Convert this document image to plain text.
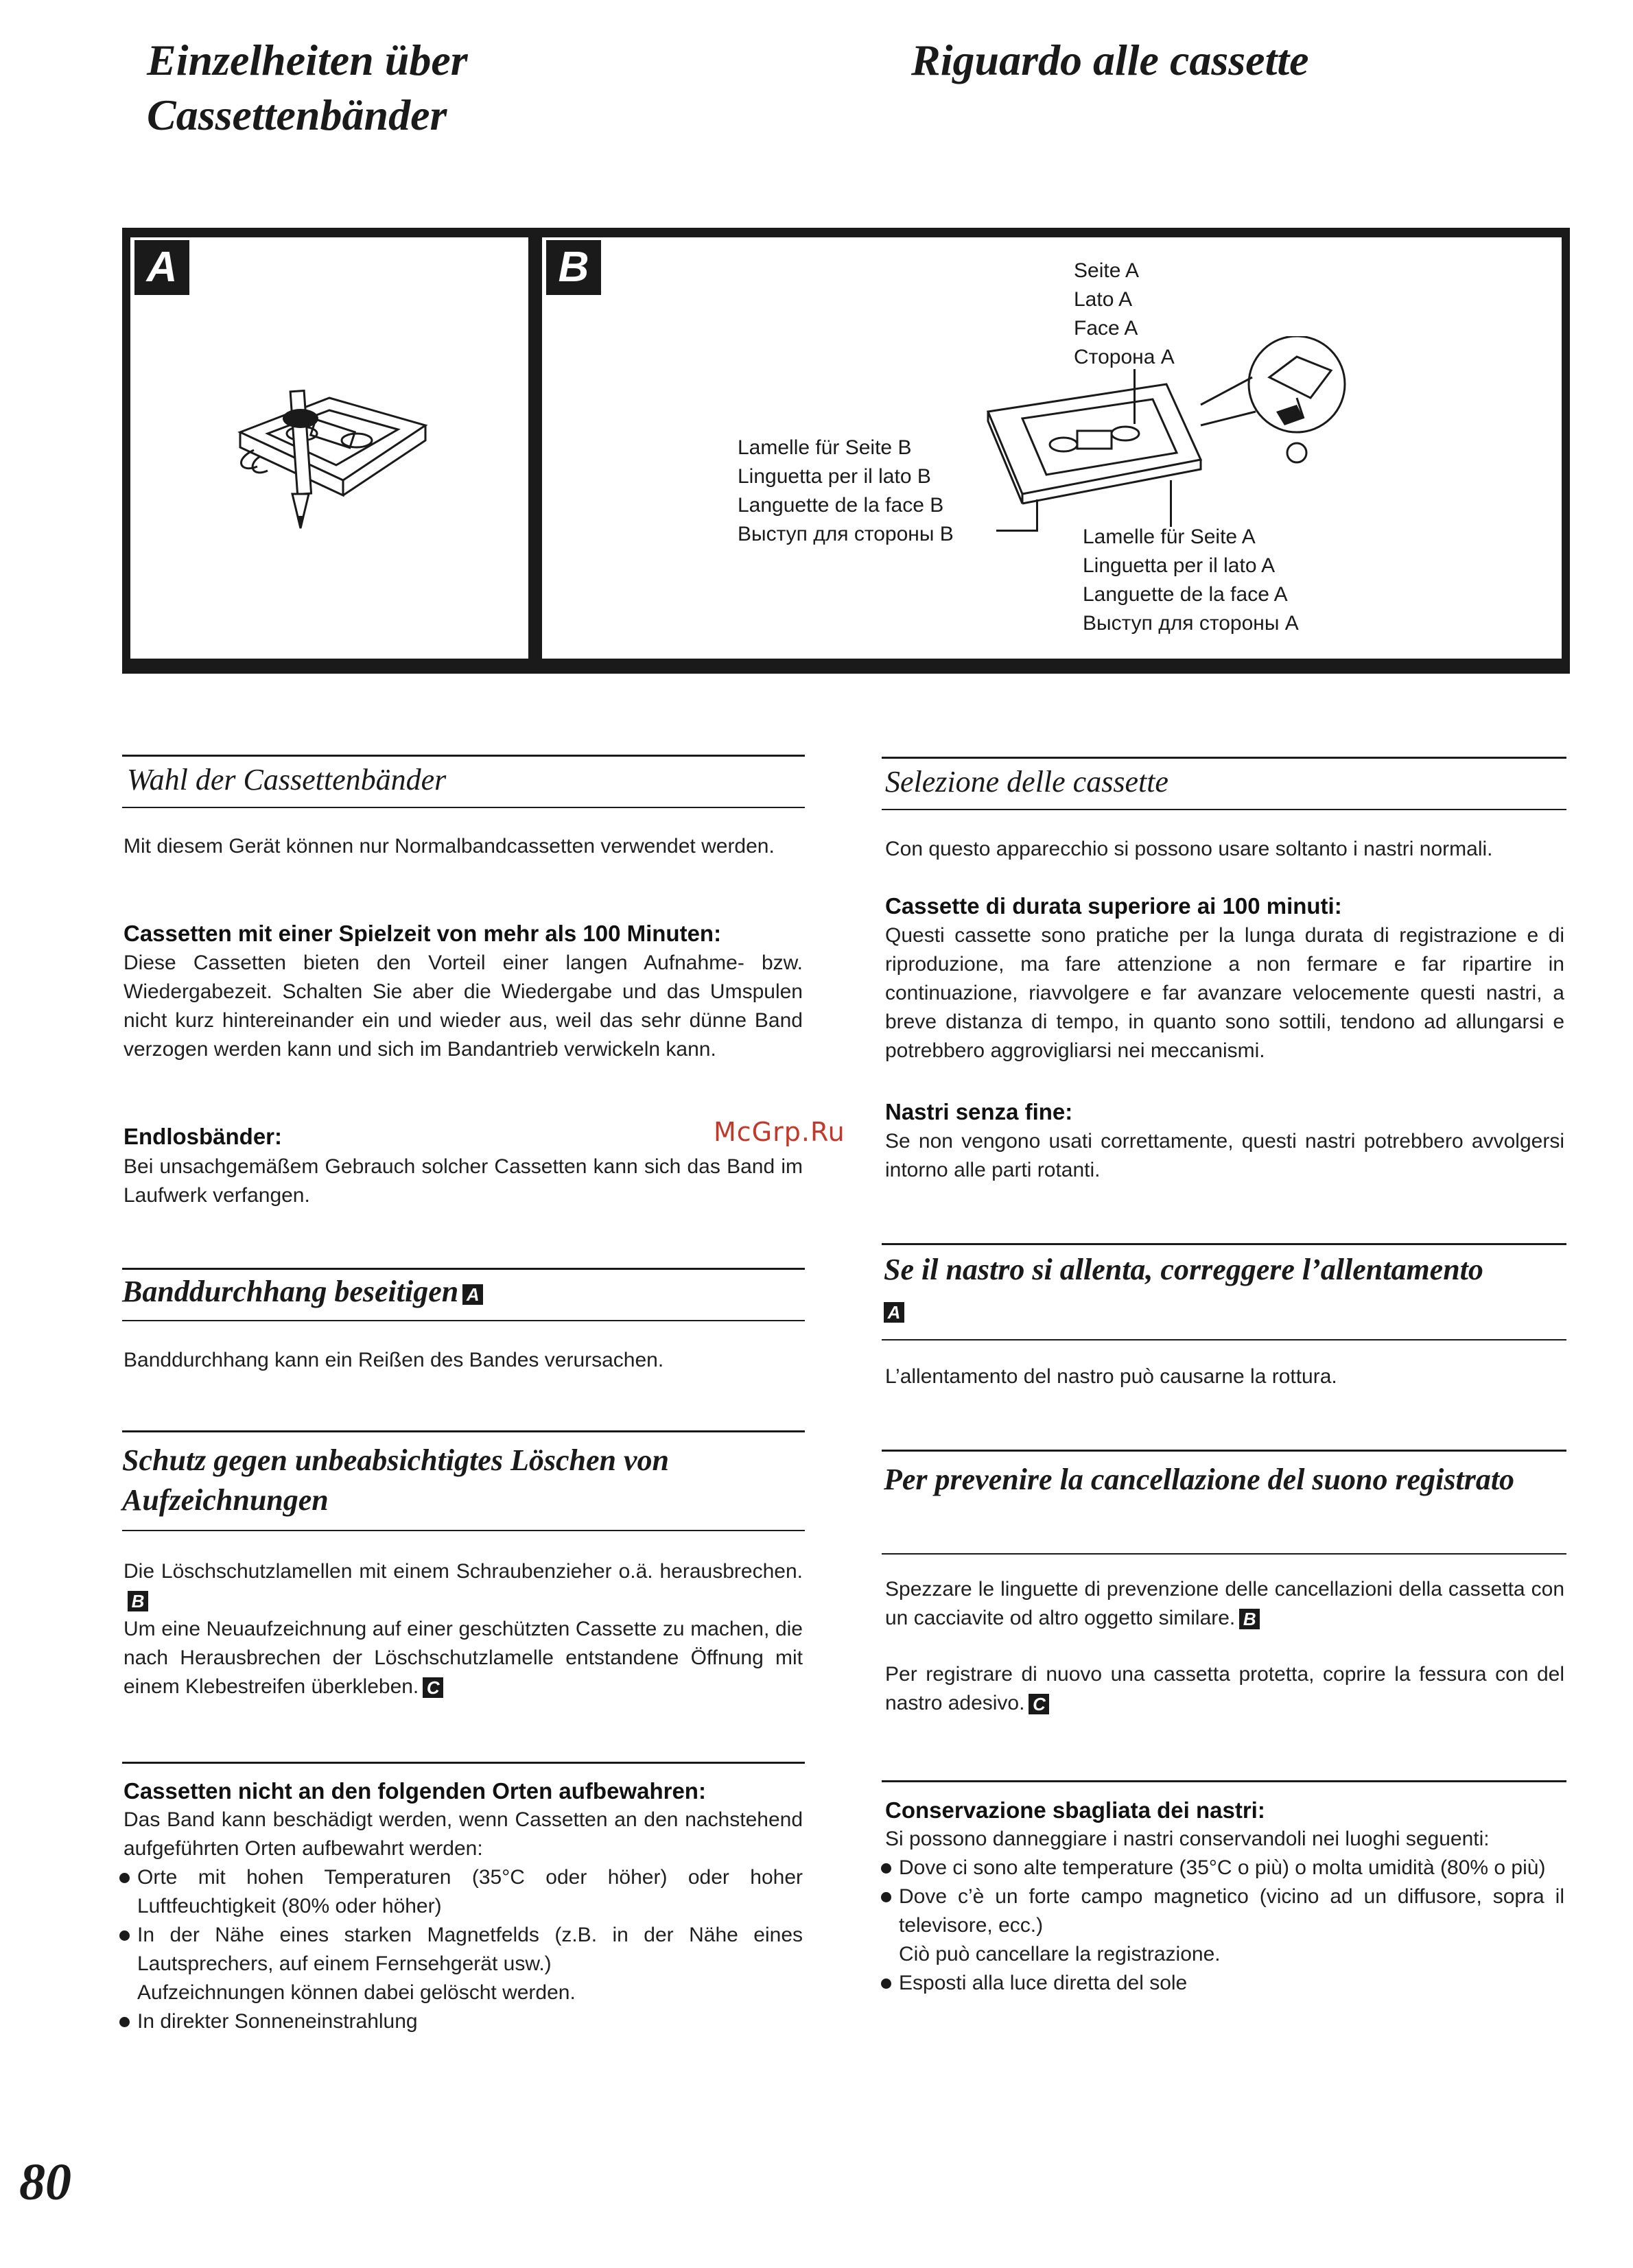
Einzelheiten über
Cassettenbänder
Riguardo alle cassette
A	B	Seite A
Lato A
Face A
Сторона A
Lamelle für Seite B
Linguetta per il lato B
Languette de la face B
Выступ для стороны B	Lamelle für Seite A
Linguetta per il lato A
Languette de la face A
Выступ для стороны A
Wahl der Cassettenbänder
Mit diesem Gerät können nur Normalbandcassetten verwendet werden.
Cassetten mit einer Spielzeit von mehr als 100 Minuten:
Diese Cassetten bieten den Vorteil einer langen Aufnahme- bzw. Wiedergabezeit. Schalten Sie aber die Wiedergabe und das Umspulen nicht kurz hintereinander ein und wieder aus, weil das sehr dünne Band verzogen werden kann und sich im Bandantrieb verwickeln kann.
Endlosbänder:
Bei unsachgemäßem Gebrauch solcher Cassetten kann sich das Band im Laufwerk verfangen.
Banddurchhang beseitigen A
Banddurchhang kann ein Reißen des Bandes verursachen.
Schutz gegen unbeabsichtigtes Löschen von Aufzeichnungen
Die Löschschutzlamellen mit einem Schraubenzieher o.ä. herausbrechen.B
Um eine Neuaufzeichnung auf einer geschützten Cassette zu machen, die nach Herausbrechen der Löschschutzlamelle entstandene Öffnung mit einem Klebestreifen überkleben. C
Cassetten nicht an den folgenden Orten aufbewahren:
Das Band kann beschädigt werden, wenn Cassetten an den nachstehend aufgeführten Orten aufbewahrt werden:
Orte mit hohen Temperaturen (35°C oder höher) oder hoher Luftfeuchtigkeit (80% oder höher)
In der Nähe eines starken Magnetfelds (z.B. in der Nähe eines Lautsprechers, auf einem Fernsehgerät usw.)
Aufzeichnungen können dabei gelöscht werden.
In direkter Sonneneinstrahlung
Selezione delle cassette
Con questo apparecchio si possono usare soltanto i nastri normali.
Cassette di durata superiore ai 100 minuti:
Questi cassette sono pratiche per la lunga durata di registrazione e di riproduzione, ma fare attenzione a non fermare e far ripartire in continuazione, riavvolgere e far avanzare velocemente questi nastri, a breve distanza di tempo, in quanto sono sottili, tendono ad allungarsi e potrebbero aggrovigliarsi nei meccanismi.
Nastri senza fine:
Se non vengono usati correttamente, questi nastri potrebbero avvolgersi intorno alle parti rotanti.
Se il nastro si allenta, correggere l’allentamento
A
L’allentamento del nastro può causarne la rottura.
Per prevenire la cancellazione del suono registrato
Spezzare le linguette di prevenzione delle cancellazioni della cassetta con un cacciavite od altro oggetto similare. B
Per registrare di nuovo una cassetta protetta, coprire la fessura con del nastro adesivo. C
Conservazione sbagliata dei nastri:
Si possono danneggiare i nastri conservandoli nei luoghi seguenti:
Dove ci sono alte temperature (35°C o più) o molta umidità (80% o più)
Dove c’è un forte campo magnetico (vicino ad un diffusore, sopra il televisore, ecc.)
Ciò può cancellare la registrazione.
Esposti alla luce diretta del sole
McGrp.Ru
80
